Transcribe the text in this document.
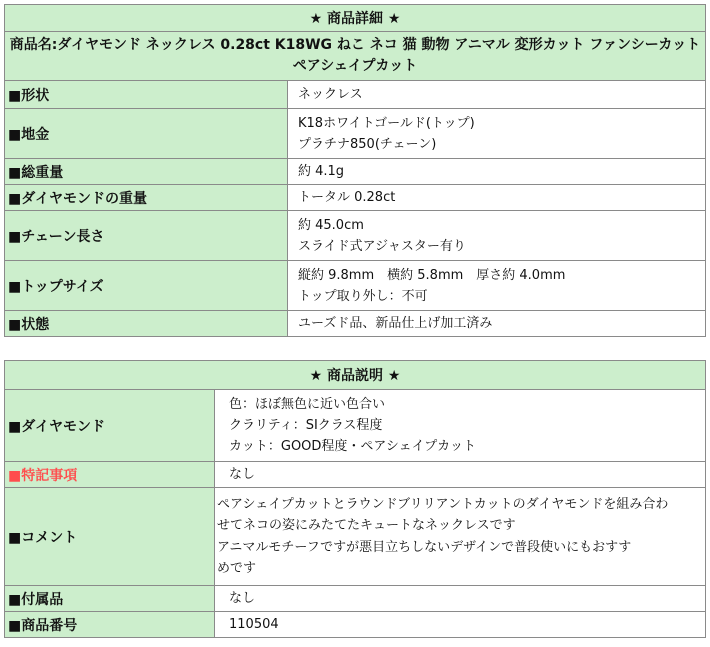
★ 商品詳細 ★	
商品名:ダイヤモンド ネックレス 0.28ct K18WG ねこ ネコ 猫 動物 アニマル 変形カット ファンシーカット ペアシェイプカット	
■形状	ネックレス

■地金	K18ホワイトゴールド(トップ)
プラチナ850(チェーン)

■総重量	約 4.1g

■ダイヤモンドの重量	トータル 0.28ct

■チェーン長さ	約 45.0cm
スライド式アジャスター有り

■トップサイズ	縦約 9.8mm　横約 5.8mm　厚さ約 4.0mm
トップ取り外し：不可

■状態	ユーズド品、新品仕上げ加工済み
★ 商品説明 ★	
■ダイヤモンド	色：ほぼ無色に近い色合い
クラリティ：SIクラス程度
カット：GOOD程度・ペアシェイプカット

■特記事項	なし

■コメント	ペアシェイプカットとラウンドブリリアントカットのダイヤモンドを組み合わ
せてネコの姿にみたてたキュートなネックレスです
アニマルモチーフですが悪目立ちしないデザインで普段使いにもおすす
めです

■付属品	なし

■商品番号	110504
